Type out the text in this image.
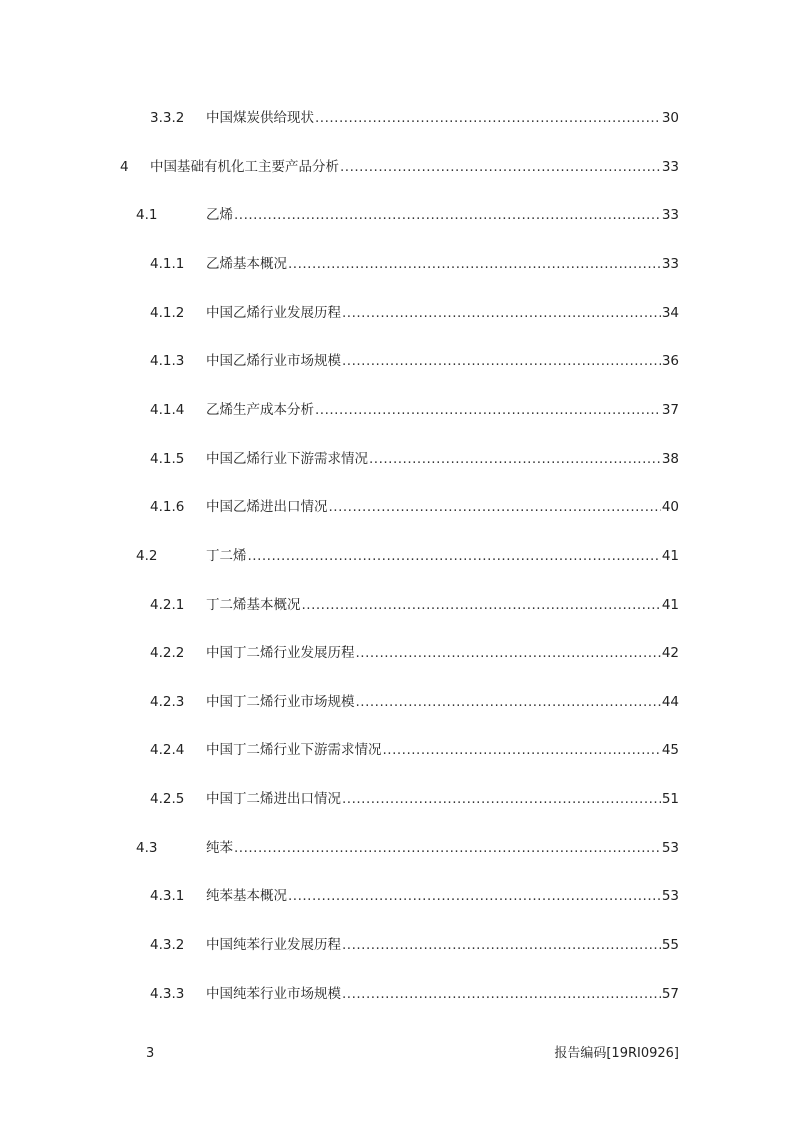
3.3.2 中国煤炭供给现状 .....	30
4 中国基础有机化工主要产品分析 .....	33
4.1	乙烯 .....	33
4.1.1 乙烯基本概况 .....	33
4.1.2 中国乙烯行业发展历程 .....	34
4.1.3 中国乙烯行业市场规模 .....	36
4.1.4 乙烯生产成本分析 .....	37
4.1.5 中国乙烯行业下游需求情况 .....	38
4.1.6 中国乙烯进出口情况 .....	40
4.2	丁二烯 .....	41
4.2.1 丁二烯基本概况 .....	41
4.2.2 中国丁二烯行业发展历程 .....	42
4.2.3 中国丁二烯行业市场规模 .....	44
4.2.4 中国丁二烯行业下游需求情况 .....	45
4.2.5 中国丁二烯进出口情况 .....	51
4.3	纯苯 .....	53
4.3.1 纯苯基本概况 .....	53
4.3.2 中国纯苯行业发展历程 .....	55
4.3.3 中国纯苯行业市场规模 .....	57
3	报告编码[19RI0926]
